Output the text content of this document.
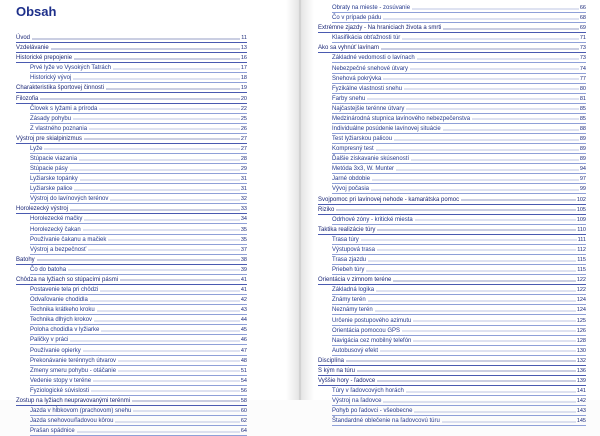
Obsah
Úvod	11
Vzdelávanie	13
Historické prepojenie	16
Prvé lyže vo Vysokých Tatrách	17
Historický vývoj	18
Charakteristika športovej činnosti	19
Filozofia	20
Človek s lyžami a príroda	22
Zásady pohybu	25
Z vlastného poznania	26
Výstroj pre skialpinizmus	27
Lyže	27
Stúpacie viazania	28
Stúpacie pásy	29
Lyžiarske topánky	31
Lyžiarske palice	31
Výstroj do lavínových terénov	32
Horolezecký výstroj	33
Horolezecké mačky	34
Horolezecký čakan	35
Používanie čakanu a mačiek	35
Výstroj a bezpečnosť	37
Batohy	38
Čo do batoha	39
Chôdza na lyžiach so stúpacími pásmi	41
Postavenie tela pri chôdzi	41
Odvaľovanie chodidla	42
Technika krátkeho kroku	43
Technika dlhých krokov	44
Poloha chodidla v lyžiarke	45
Paličky v práci	46
Používanie opierky	47
Prekonávanie terénnych útvarov	48
Zmeny smeru pohybu - otáčanie	51
Vedenie stopy v teréne	54
Fyziologické súvislosti	56
Zostup na lyžiach neupravovanými terénmi	58
Jazda v hĺbkovom (prachovom) snehu	60
Jazda snehovou/ľadovou kôrou	62
Prašan spádnice	64
Obraty na mieste - zosúvanie	66
Čo v prípade pádu	68
Extrémne zjazdy - Na hraniciach života a smrti	69
Klasifikácia obťažnosti túr	71
Ako sa vyhnúť lavínam	73
Základné vedomosti o lavínach	73
Nebezpečné snehové útvary	74
Snehová pokrývka	77
Fyzikálne vlastnosti snehu	80
Farby snehu	81
Najčastejšie terénne útvary	85
Medzinárodná stupnica lavínového nebezpečenstva	85
Individuálne posúdenie lavínovej situácie	88
Test lyžiarskou palicou	89
Kompresný test	89
Ďalšie získavanie skúseností	89
Metóda 3x3, W. Munter	94
Jarné obdobie	97
Vývoj počasia	99
Svojpomoc pri lavínovej nehode - kamarátska pomoc	102
Riziko	105
Odrhové zóny - kritické miesta	109
Taktika realizácie túry	110
Trasa túry	111
Výstupová trasa	112
Trasa zjazdu	115
Priebeh túry	115
Orientácia v zimnom teréne	122
Základná logika	122
Známy terén	124
Neznámy terén	124
Určenie postupového azimutu	125
Orientácia pomocou GPS	126
Navigácia cez mobilný telefón	128
Autobusový efekt	130
Disciplína	132
S kým na túru	136
Vyššie hory - ľadovce	139
Túry v ľadovcových horách	141
Výstroj na ľadovce	142
Pohyb po ľadovci - všeobecne	143
Štandardné oblečenie na ľadovcovú túru	145
